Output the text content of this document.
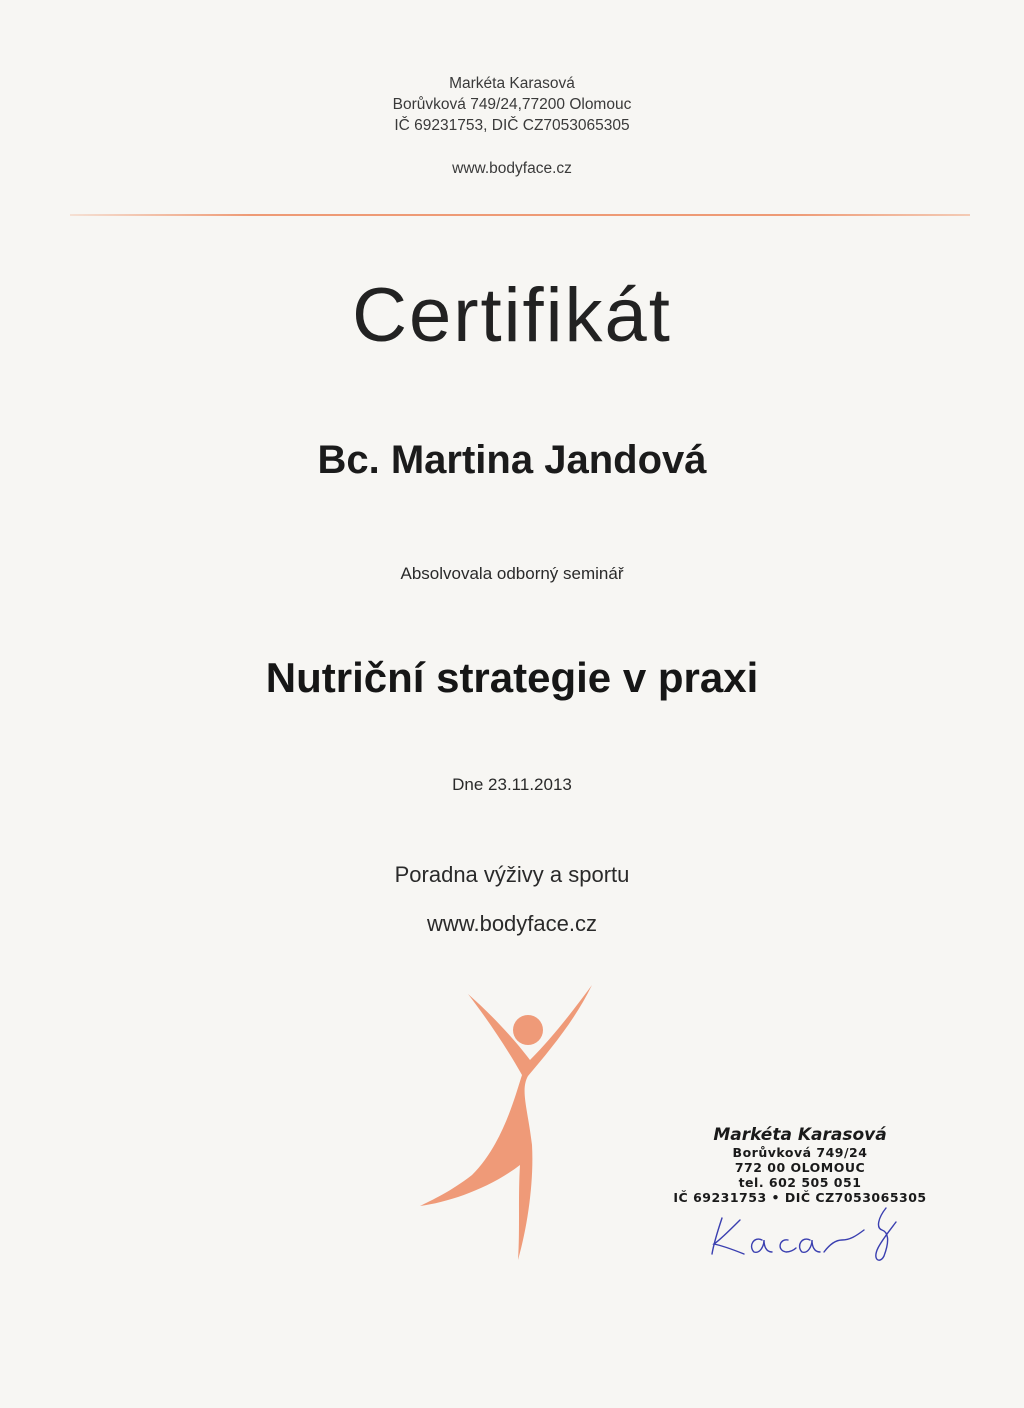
Markéta Karasová
Borůvková 749/24,77200 Olomouc
IČ 69231753, DIČ CZ7053065305
www.bodyface.cz
Certifikát
Bc. Martina Jandová
Absolvovala odborný seminář
Nutriční strategie v praxi
Dne 23.11.2013
Poradna výživy a sportu
www.bodyface.cz
Markéta Karasová
Borůvková 749/24
772 00 OLOMOUC
tel. 602 505 051
IČ 69231753 • DIČ CZ7053065305
